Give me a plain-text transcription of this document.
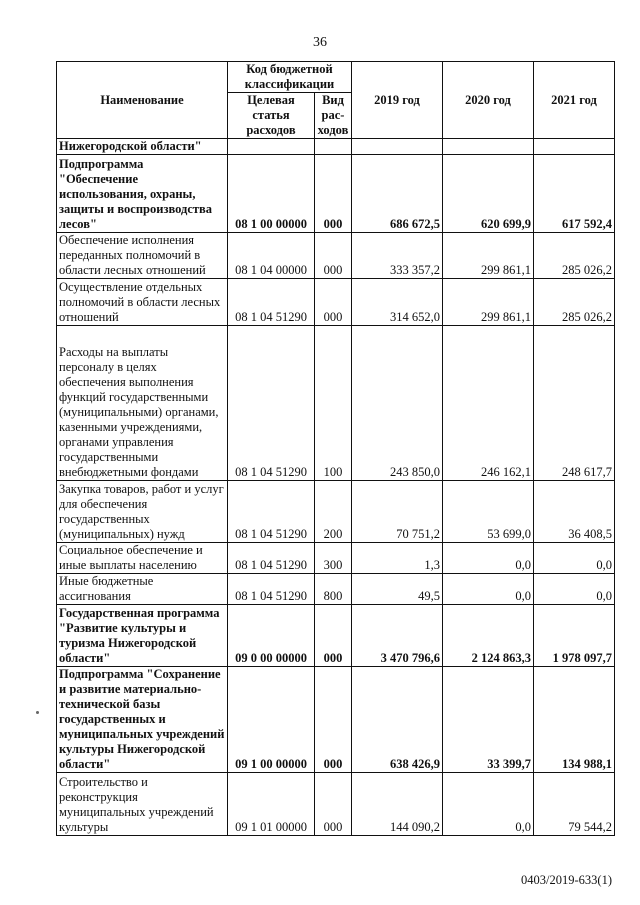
36
Наименование	Код бюджетной классификации		2019 год	2020 год	2021 год
	Целевая статья расходов	Вид рас-ходов			
Нижегородской области"					
Подпрограмма "Обеспечение использования, охраны, защиты и воспроизводства лесов"	08 1 00 00000	000	686 672,5	620 699,9	617 592,4
Обеспечение исполнения переданных полномочий в области лесных отношений	08 1 04 00000	000	333 357,2	299 861,1	285 026,2
Осуществление отдельных полномочий в области лесных отношений	08 1 04 51290	000	314 652,0	299 861,1	285 026,2
Расходы на выплаты персоналу в целях обеспечения выполнения функций государственными (муниципальными) органами, казенными учреждениями, органами управления государственными внебюджетными фондами	08 1 04 51290	100	243 850,0	246 162,1	248 617,7
Закупка товаров, работ и услуг для обеспечения государственных (муниципальных) нужд	08 1 04 51290	200	70 751,2	53 699,0	36 408,5
Социальное обеспечение и иные выплаты населению	08 1 04 51290	300	1,3	0,0	0,0
Иные бюджетные ассигнования	08 1 04 51290	800	49,5	0,0	0,0
Государственная программа "Развитие культуры и туризма Нижегородской области"	09 0 00 00000	000	3 470 796,6	2 124 863,3	1 978 097,7
Подпрограмма "Сохранение и развитие материально-технической базы государственных и муниципальных учреждений культуры Нижегородской области"	09 1 00 00000	000	638 426,9	33 399,7	134 988,1
Строительство и реконструкция муниципальных учреждений культуры	09 1 01 00000	000	144 090,2	0,0	79 544,2
0403/2019-633(1)
